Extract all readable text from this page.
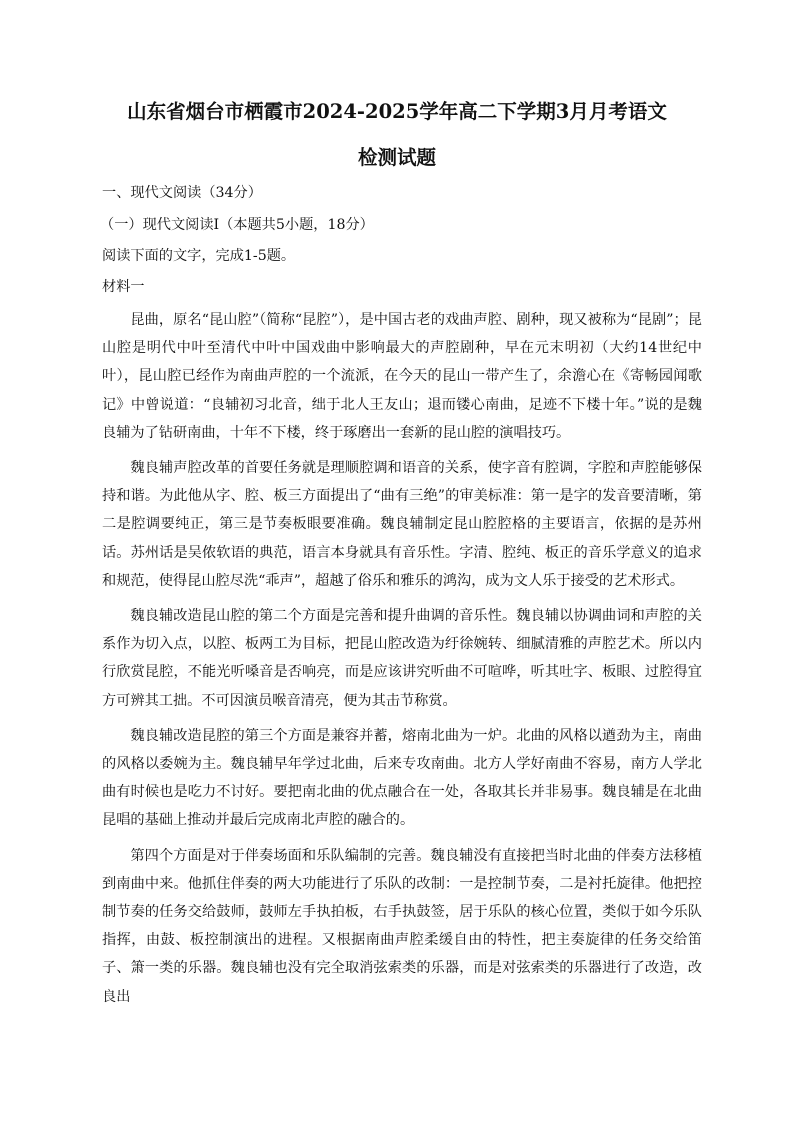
山东省烟台市栖霞市2024-2025学年高二下学期3月月考语文
检测试题
一、现代文阅读（34分）
（一）现代文阅读Ⅰ（本题共5小题，18分）
阅读下面的文字，完成1-5题。
材料一

昆曲，原名“昆山腔”（简称“昆腔”），是中国古老的戏曲声腔、剧种，现又被称为“昆剧”；昆山腔是明代中叶至清代中叶中国戏曲中影响最大的声腔剧种，早在元末明初（大约14世纪中叶），昆山腔已经作为南曲声腔的一个流派，在今天的昆山一带产生了，余澹心在《寄畅园闻歌记》中曾说道：“良辅初习北音，绌于北人王友山；退而镂心南曲，足迹不下楼十年。”说的是魏良辅为了钻研南曲，十年不下楼，终于琢磨出一套新的昆山腔的演唱技巧。

魏良辅声腔改革的首要任务就是理顺腔调和语音的关系，使字音有腔调，字腔和声腔能够保持和谐。为此他从字、腔、板三方面提出了“曲有三绝”的审美标准：第一是字的发音要清晰，第二是腔调要纯正，第三是节奏板眼要准确。魏良辅制定昆山腔腔格的主要语言，依据的是苏州话。苏州话是吴侬软语的典范，语言本身就具有音乐性。字清、腔纯、板正的音乐学意义的追求和规范，使得昆山腔尽洗“乖声”，超越了俗乐和雅乐的鸿沟，成为文人乐于接受的艺术形式。

魏良辅改造昆山腔的第二个方面是完善和提升曲调的音乐性。魏良辅以协调曲词和声腔的关系作为切入点，以腔、板两工为目标，把昆山腔改造为纡徐婉转、细腻清雅的声腔艺术。所以内行欣赏昆腔，不能光听嗓音是否响亮，而是应该讲究听曲不可喧哗，听其吐字、板眼、过腔得宜方可辨其工拙。不可因演员喉音清亮，便为其击节称赏。

魏良辅改造昆腔的第三个方面是兼容并蓄，熔南北曲为一炉。北曲的风格以遒劲为主，南曲的风格以委婉为主。魏良辅早年学过北曲，后来专攻南曲。北方人学好南曲不容易，南方人学北曲有时候也是吃力不讨好。要把南北曲的优点融合在一处，各取其长并非易事。魏良辅是在北曲昆唱的基础上推动并最后完成南北声腔的融合的。

第四个方面是对于伴奏场面和乐队编制的完善。魏良辅没有直接把当时北曲的伴奏方法移植到南曲中来。他抓住伴奏的两大功能进行了乐队的改制：一是控制节奏，二是衬托旋律。他把控制节奏的任务交给鼓师，鼓师左手执拍板，右手执鼓签，居于乐队的核心位置，类似于如今乐队指挥，由鼓、板控制演出的进程。又根据南曲声腔柔缓自由的特性，把主奏旋律的任务交给笛子、箫一类的乐器。魏良辅也没有完全取消弦索类的乐器，而是对弦索类的乐器进行了改造，改良出
